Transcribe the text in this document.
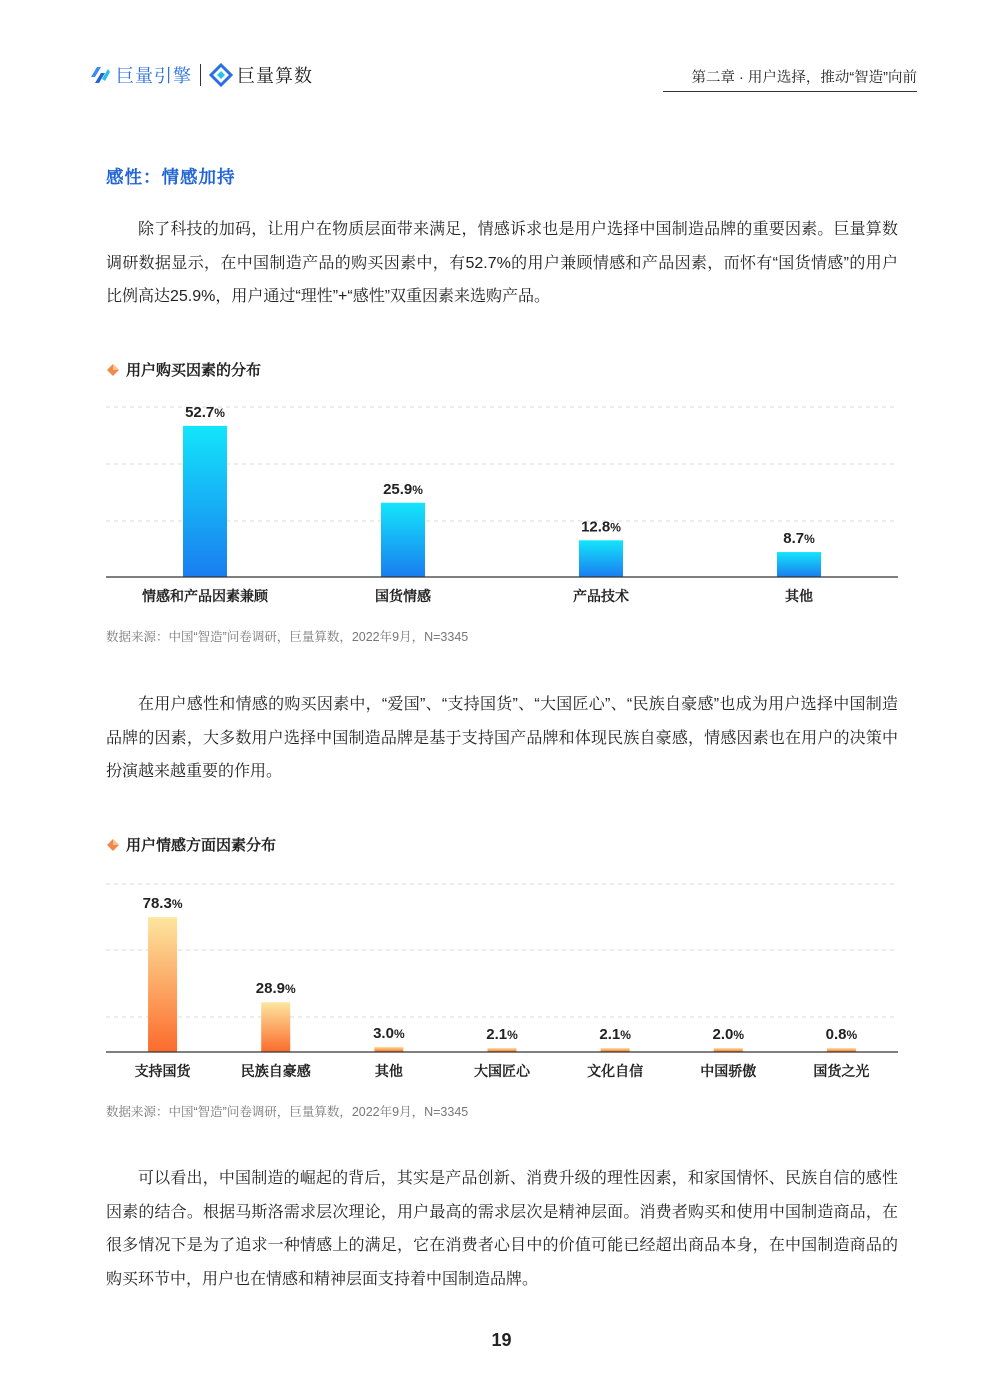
巨量引擎	巨量算数	第二章 · 用户选择，推动“智造”向前
感性：情感加持
除了科技的加码，让用户在物质层面带来满足，情感诉求也是用户选择中国制造品牌的重要因素。巨量算数调研数据显示，在中国制造产品的购买因素中，有52.7%的用户兼顾情感和产品因素，而怀有“国货情感”的用户比例高达25.9%，用户通过“理性”+“感性”双重因素来选购产品。
用户购买因素的分布
52.7%
情感和产品因素兼顾
25.9%
国货情感
12.8%
产品技术
8.7%
其他
数据来源：中国“智造”问卷调研，巨量算数，2022年9月，N=3345
在用户感性和情感的购买因素中，“爱国”、“支持国货”、“大国匠心”、“民族自豪感”也成为用户选择中国制造品牌的因素，大多数用户选择中国制造品牌是基于支持国产品牌和体现民族自豪感，情感因素也在用户的决策中扮演越来越重要的作用。
用户情感方面因素分布
78.3%
支持国货
28.9%
民族自豪感
3.0%
其他
2.1%
大国匠心
2.1%
文化自信
2.0%
中国骄傲
0.8%
国货之光
数据来源：中国“智造”问卷调研，巨量算数，2022年9月，N=3345
可以看出，中国制造的崛起的背后，其实是产品创新、消费升级的理性因素，和家国情怀、民族自信的感性因素的结合。根据马斯洛需求层次理论，用户最高的需求层次是精神层面。消费者购买和使用中国制造商品，在很多情况下是为了追求一种情感上的满足，它在消费者心目中的价值可能已经超出商品本身，在中国制造商品的购买环节中，用户也在情感和精神层面支持着中国制造品牌。
19
